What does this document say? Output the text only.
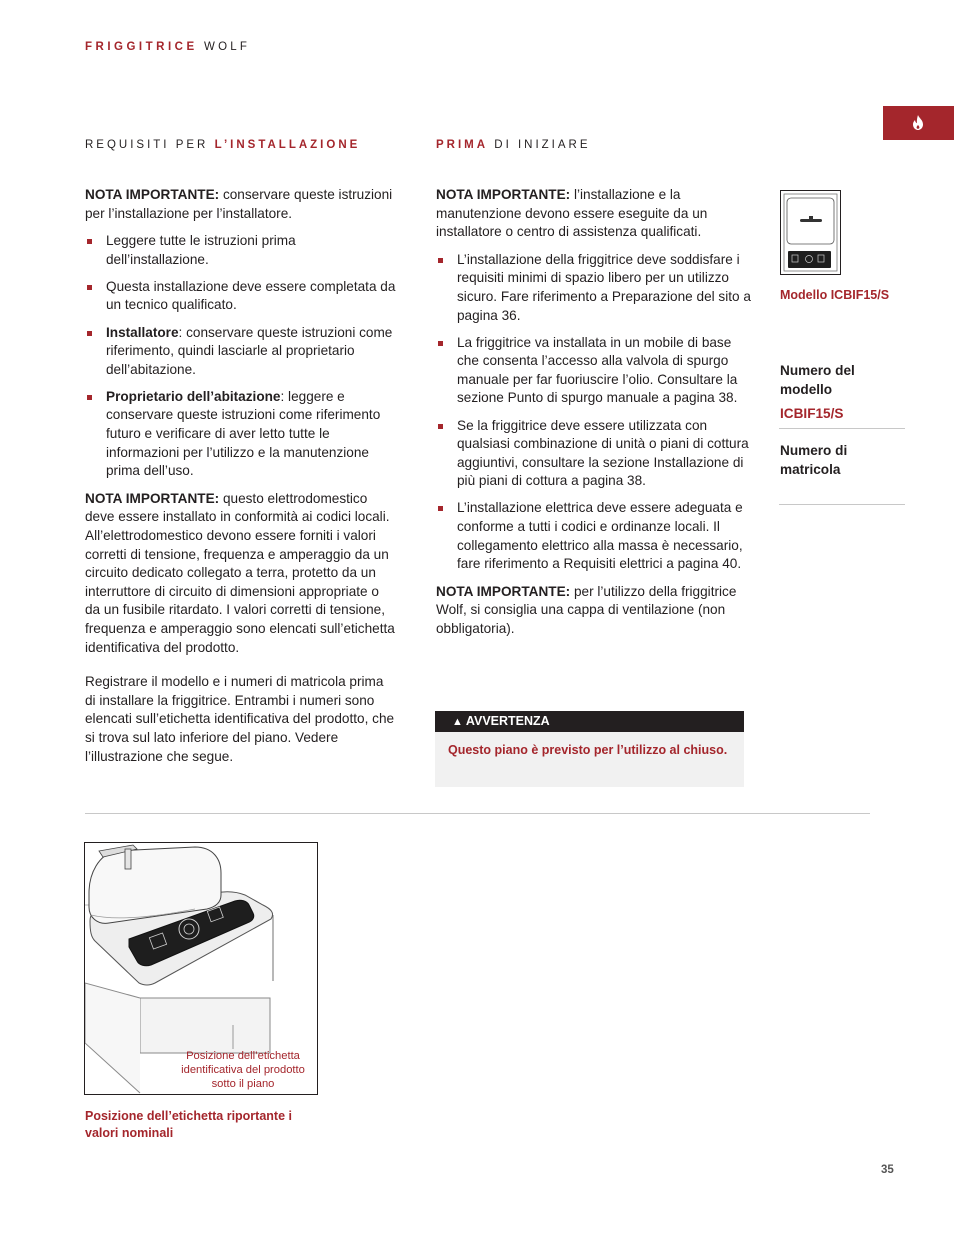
FRIGGITRICE WOLF
REQUISITI PER L’INSTALLAZIONE	PRIMA DI INIZIARE

NOTA IMPORTANTE: conservare queste istruzioni per l’installazione per l’installatore.

Leggere tutte le istruzioni prima dell’installazione.
Questa installazione deve essere completata da un tecnico qualificato.
Installatore: conservare queste istruzioni come riferimento, quindi lasciarle al proprietario dell’abitazione.
Proprietario dell’abitazione: leggere e conservare queste istruzioni come riferimento futuro e verificare di aver letto tutte le informazioni per l’utilizzo e la manutenzione prima dell’uso.

NOTA IMPORTANTE: questo elettrodomestico deve essere installato in conformità ai codici locali. All’elettrodomestico devono essere forniti i valori corretti di tensione, frequenza e amperaggio da un circuito dedicato collegato a terra, protetto da un interruttore di circuito di dimensioni appropriate o da un fusibile ritardato. I valori corretti di tensione, frequenza e amperaggio sono elencati sull’etichetta identificativa del prodotto.

Registrare il modello e i numeri di matricola prima di installare la friggitrice. Entrambi i numeri sono elencati sull’etichetta identificativa del prodotto, che si trova sul lato inferiore del piano. Vedere l’illustrazione che segue.

NOTA IMPORTANTE: l’installazione e la manutenzione devono essere eseguite da un installatore o centro di assistenza qualificati.

L’installazione della friggitrice deve soddisfare i requisiti minimi di spazio libero per un utilizzo sicuro. Fare riferimento a Preparazione del sito a pagina 36.
La friggitrice va installata in un mobile di base che consenta l’accesso alla valvola di spurgo manuale per far fuoriuscire l’olio. Consultare la sezione Punto di spurgo manuale a pagina 38.
Se la friggitrice deve essere utilizzata con qualsiasi combinazione di unità o piani di cottura aggiuntivi, consultare la sezione Installazione di più piani di cottura a pagina 38.
L’installazione elettrica deve essere adeguata e conforme a tutti i codici e ordinanze locali. Il collegamento elettrico alla massa è necessario, fare riferimento a Requisiti elettrici a pagina 40.

NOTA IMPORTANTE: per l’utilizzo della friggitrice Wolf, si consiglia una cappa di ventilazione (non obbligatoria).

▲ AVVERTENZA
Questo piano è previsto per l’utilizzo al chiuso.
Modello ICBIF15/S
Numero del modello
ICBIF15/S
Numero di matricola
Posizione dell’etichetta identificativa del prodotto sotto il piano
Posizione dell’etichetta riportante i valori nominali
35
